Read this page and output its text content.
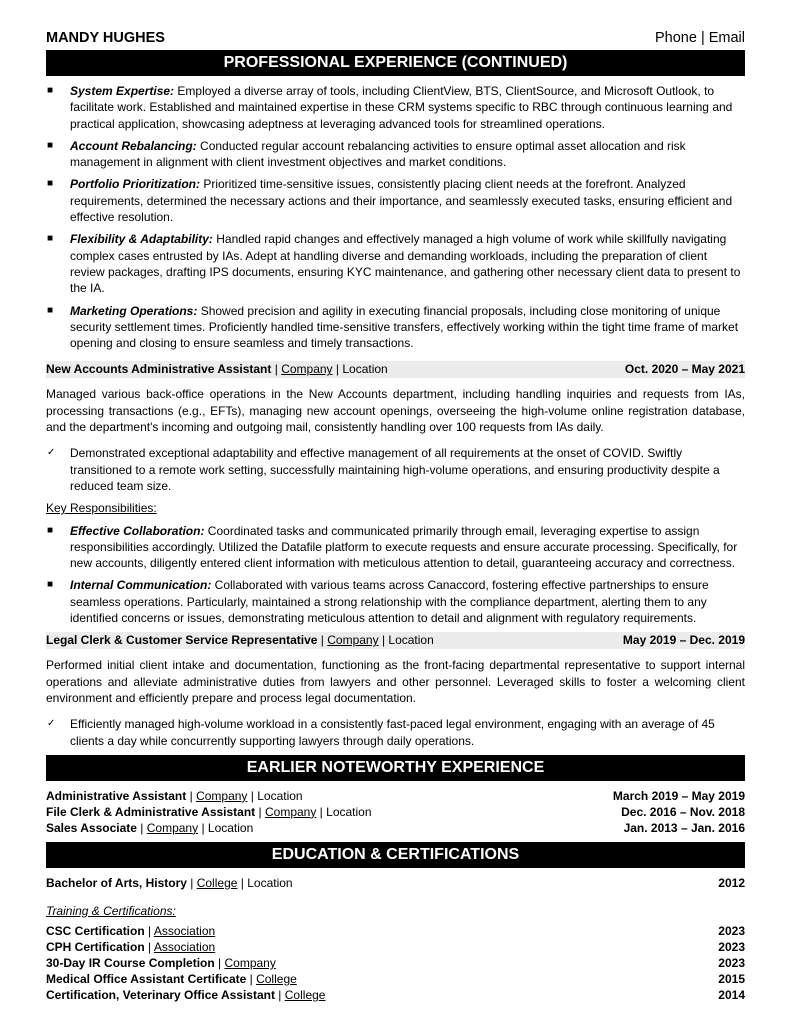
MANDY HUGHES	Phone | Email
PROFESSIONAL EXPERIENCE (CONTINUED)
■ System Expertise: Employed a diverse array of tools, including ClientView, BTS, ClientSource, and Microsoft Outlook, to facilitate work. Established and maintained expertise in these CRM systems specific to RBC through continuous learning and practical application, showcasing adeptness at leveraging advanced tools for streamlined operations.
■ Account Rebalancing: Conducted regular account rebalancing activities to ensure optimal asset allocation and risk management in alignment with client investment objectives and market conditions.
■ Portfolio Prioritization: Prioritized time-sensitive issues, consistently placing client needs at the forefront. Analyzed requirements, determined the necessary actions and their importance, and seamlessly executed tasks, ensuring efficient and effective resolution.
■ Flexibility & Adaptability: Handled rapid changes and effectively managed a high volume of work while skillfully navigating complex cases entrusted by IAs. Adept at handling diverse and demanding workloads, including the preparation of client review packages, drafting IPS documents, ensuring KYC maintenance, and gathering other necessary client data to present to the IA.
■ Marketing Operations: Showed precision and agility in executing financial proposals, including close monitoring of unique security settlement times. Proficiently handled time-sensitive transfers, effectively working within the tight time frame of market opening and closing to ensure seamless and timely transactions.
New Accounts Administrative Assistant | Company | Location	Oct. 2020 – May 2021

Managed various back-office operations in the New Accounts department, including handling inquiries and requests from IAs, processing transactions (e.g., EFTs), managing new account openings, overseeing the high-volume online registration database, and the department's incoming and outgoing mail, consistently handling over 100 requests from IAs daily.

✓ Demonstrated exceptional adaptability and effective management of all requirements at the onset of COVID. Swiftly transitioned to a remote work setting, successfully maintaining high-volume operations, and ensuring productivity despite a reduced team size.
Key Responsibilities:
■ Effective Collaboration: Coordinated tasks and communicated primarily through email, leveraging expertise to assign responsibilities accordingly. Utilized the Datafile platform to execute requests and ensure accurate processing. Specifically, for new accounts, diligently entered client information with meticulous attention to detail, guaranteeing accuracy and correctness.
■ Internal Communication: Collaborated with various teams across Canaccord, fostering effective partnerships to ensure seamless operations. Particularly, maintained a strong relationship with the compliance department, alerting them to any identified concerns or issues, demonstrating meticulous attention to detail and alignment with regulatory requirements.
Legal Clerk & Customer Service Representative | Company | Location	May 2019 – Dec. 2019

Performed initial client intake and documentation, functioning as the front-facing departmental representative to support internal operations and alleviate administrative duties from lawyers and other personnel. Leveraged skills to foster a welcoming client environment and efficiently prepare and process legal documentation.

✓ Efficiently managed high-volume workload in a consistently fast-paced legal environment, engaging with an average of 45 clients a day while concurrently supporting lawyers through daily operations.
EARLIER NOTEWORTHY EXPERIENCE
Administrative Assistant | Company | Location	March 2019 – May 2019
File Clerk & Administrative Assistant | Company | Location	Dec. 2016 – Nov. 2018
Sales Associate | Company | Location	Jan. 2013 – Jan. 2016
EDUCATION & CERTIFICATIONS
Bachelor of Arts, History | College | Location	2012
Training & Certifications:
CSC Certification | Association	2023
CPH Certification | Association	2023
30-Day IR Course Completion | Company	2023
Medical Office Assistant Certificate | College	2015
Certification, Veterinary Office Assistant | College	2014
